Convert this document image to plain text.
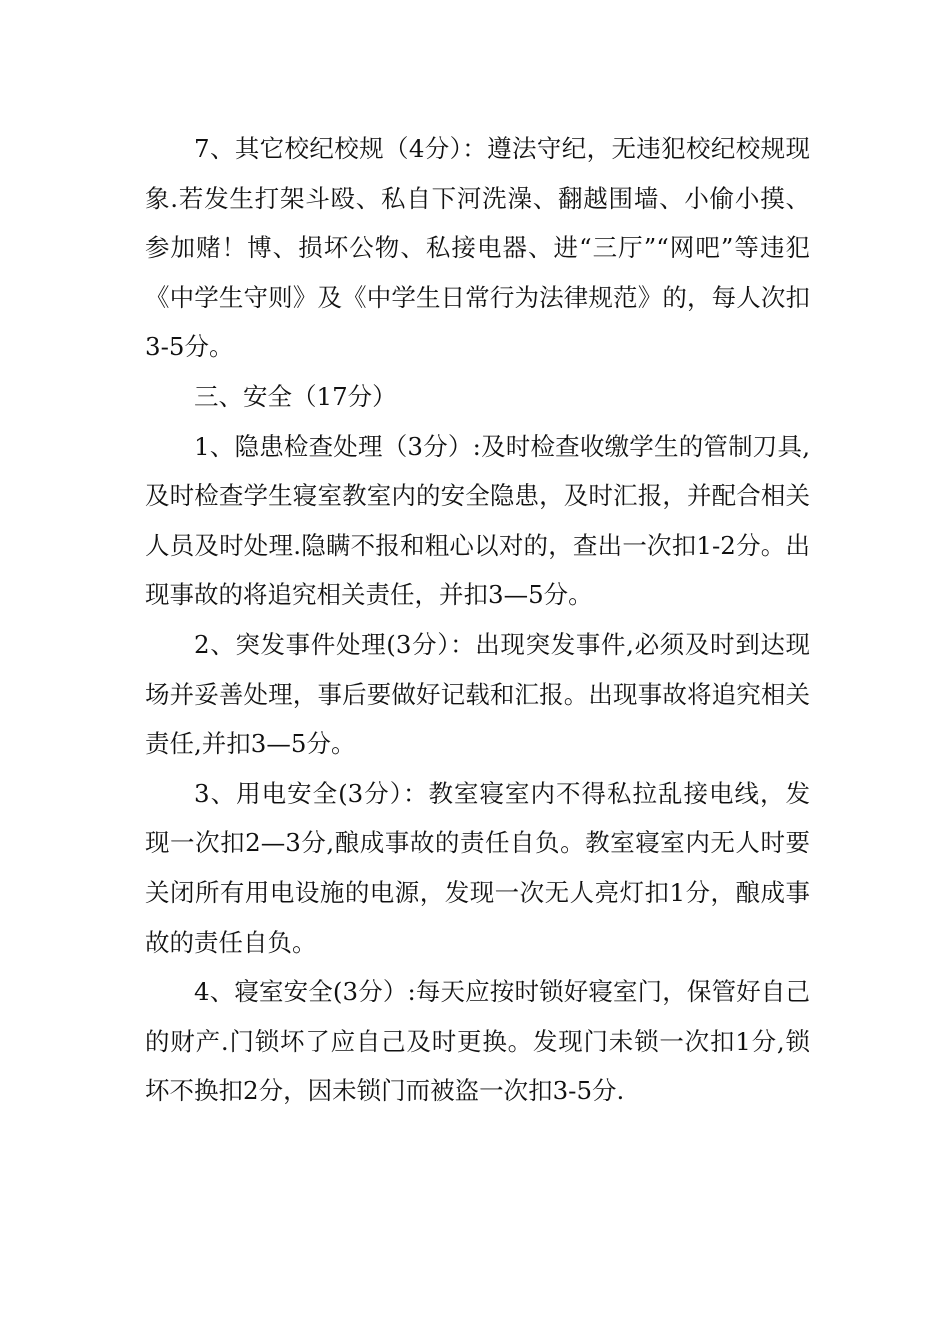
7、其它校纪校规（4分）：遵法守纪，无违犯校纪校规现象.若发生打架斗殴、私自下河洗澡、翻越围墙、小偷小摸、参加赌！博、损坏公物、私接电器、进“三厅”“网吧”等违犯《中学生守则》及《中学生日常行为法律规范》的，每人次扣3-5分。

三、安全（17分）

1、隐患检查处理（3分）:及时检查收缴学生的管制刀具,及时检查学生寝室教室内的安全隐患，及时汇报，并配合相关人员及时处理.隐瞒不报和粗心以对的，查出一次扣1-2分。出现事故的将追究相关责任，并扣3—5分。

2、突发事件处理(3分）：出现突发事件,必须及时到达现场并妥善处理，事后要做好记载和汇报。出现事故将追究相关责任,并扣3—5分。

3、用电安全(3分）：教室寝室内不得私拉乱接电线，发现一次扣2—3分,酿成事故的责任自负。教室寝室内无人时要关闭所有用电设施的电源，发现一次无人亮灯扣1分，酿成事故的责任自负。

4、寝室安全(3分）:每天应按时锁好寝室门，保管好自己的财产.门锁坏了应自己及时更换。发现门未锁一次扣1分,锁坏不换扣2分，因未锁门而被盗一次扣3-5分.
